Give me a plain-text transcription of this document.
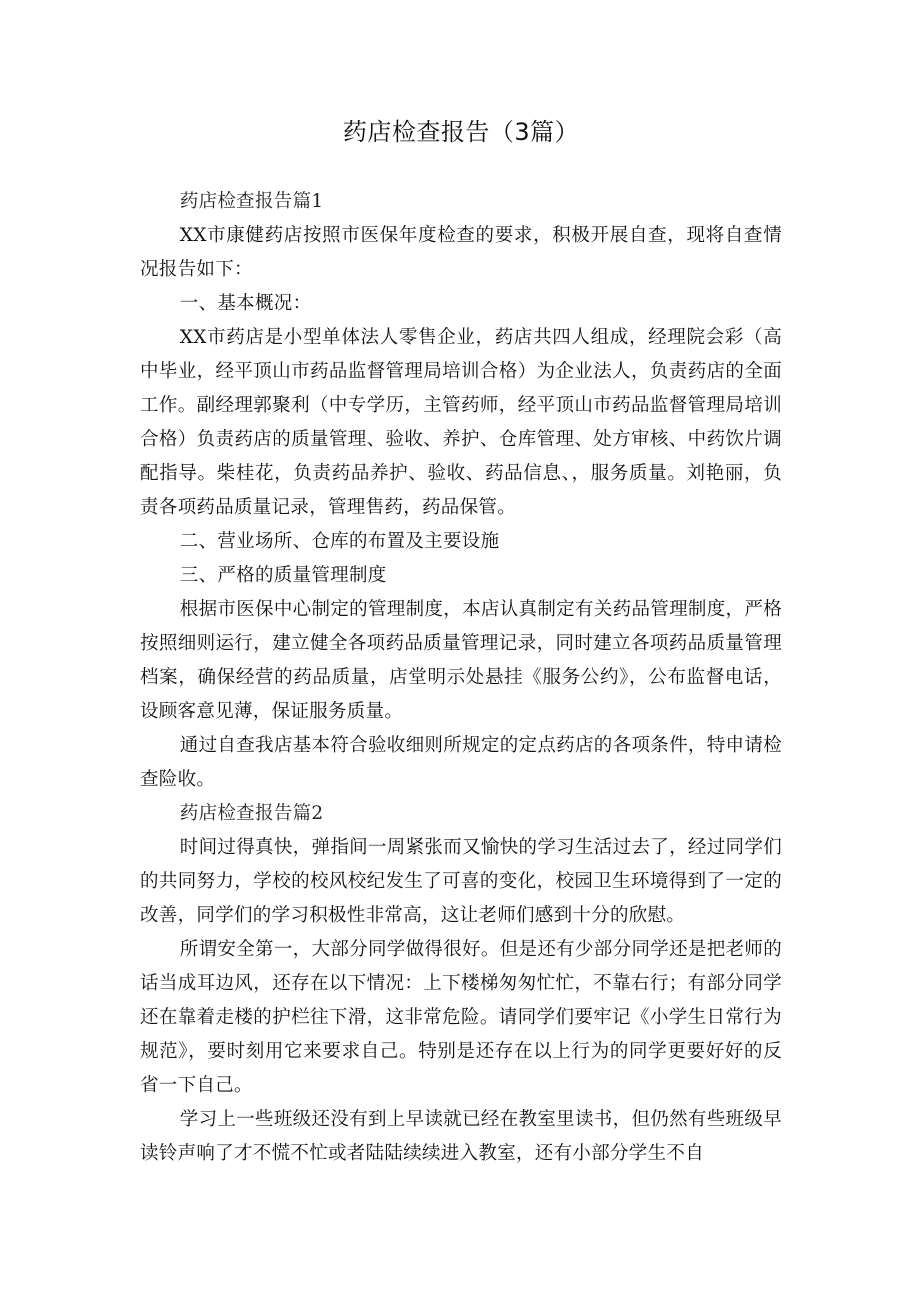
药店检查报告（3篇）

药店检查报告篇1

XX市康健药店按照市医保年度检查的要求，积极开展自查，现将自查情况报告如下：

一、基本概况：

XX市药店是小型单体法人零售企业，药店共四人组成，经理院会彩（高中毕业，经平顶山市药品监督管理局培训合格）为企业法人，负责药店的全面工作。副经理郭聚利（中专学历，主管药师，经平顶山市药品监督管理局培训合格）负责药店的质量管理、验收、养护、仓库管理、处方审核、中药饮片调配指导。柴桂花，负责药品养护、验收、药品信息、，服务质量。刘艳丽，负责各项药品质量记录，管理售药，药品保管。

二、营业场所、仓库的布置及主要设施

三、严格的质量管理制度

根据市医保中心制定的管理制度，本店认真制定有关药品管理制度，严格按照细则运行，建立健全各项药品质量管理记录，同时建立各项药品质量管理档案，确保经营的药品质量，店堂明示处悬挂《服务公约》，公布监督电话，设顾客意见薄，保证服务质量。

通过自查我店基本符合验收细则所规定的定点药店的各项条件，特申请检查险收。

药店检查报告篇2

时间过得真快，弹指间一周紧张而又愉快的学习生活过去了，经过同学们的共同努力，学校的校风校纪发生了可喜的变化，校园卫生环境得到了一定的改善，同学们的学习积极性非常高，这让老师们感到十分的欣慰。

所谓安全第一，大部分同学做得很好。但是还有少部分同学还是把老师的话当成耳边风，还存在以下情况：上下楼梯匆匆忙忙，不靠右行；有部分同学还在靠着走楼的护栏往下滑，这非常危险。请同学们要牢记《小学生日常行为规范》，要时刻用它来要求自己。特别是还存在以上行为的同学更要好好的反省一下自己。

学习上一些班级还没有到上早读就已经在教室里读书，但仍然有些班级早读铃声响了才不慌不忙或者陆陆续续进入教室，还有小部分学生不自
